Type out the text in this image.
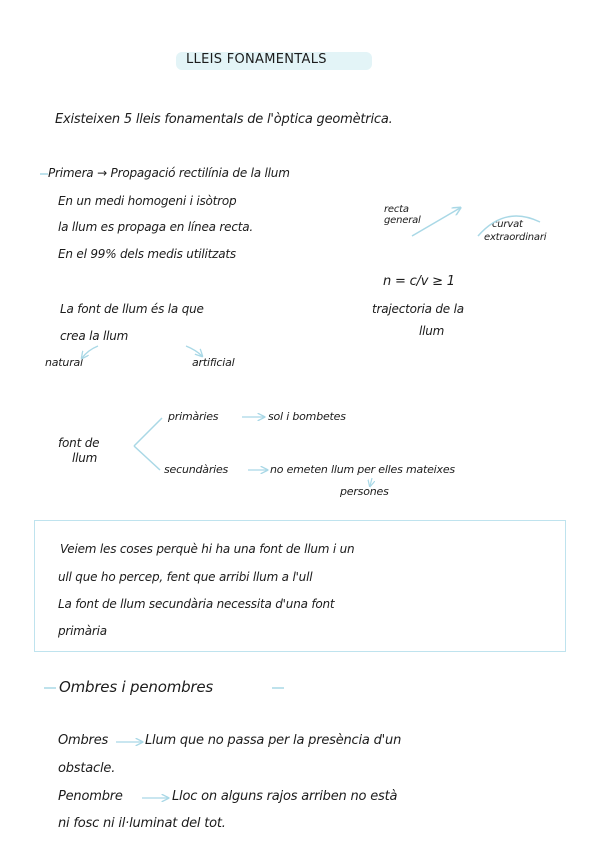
LLEIS FONAMENTALS
Existeixen 5 lleis fonamentals de l'òptica geomètrica.
Primera → Propagació rectilínia de la llum
En un medi homogeni i isòtrop
la llum es propaga en línea recta.
En el 99% dels medis utilitzats
recta general	curvat
extraordinari
n = c/v ≥ 1
trajectoria de la
llum
La font de llum és la que
crea la llum
natural	artificial
font de
llum
primàries	sol i bombetes
secundàries	no emeten llum per elles mateixes
persones
Veiem les coses perquè hi ha una font de llum i un
ull que ho percep, fent que arribi llum a l'ull
La font de llum secundària necessita d'una font
primària
Ombres i penombres
Ombres	Llum que no passa per la presència d'un
obstacle.
Penombre	Lloc on alguns rajos arriben no està
ni fosc ni il·luminat del tot.
